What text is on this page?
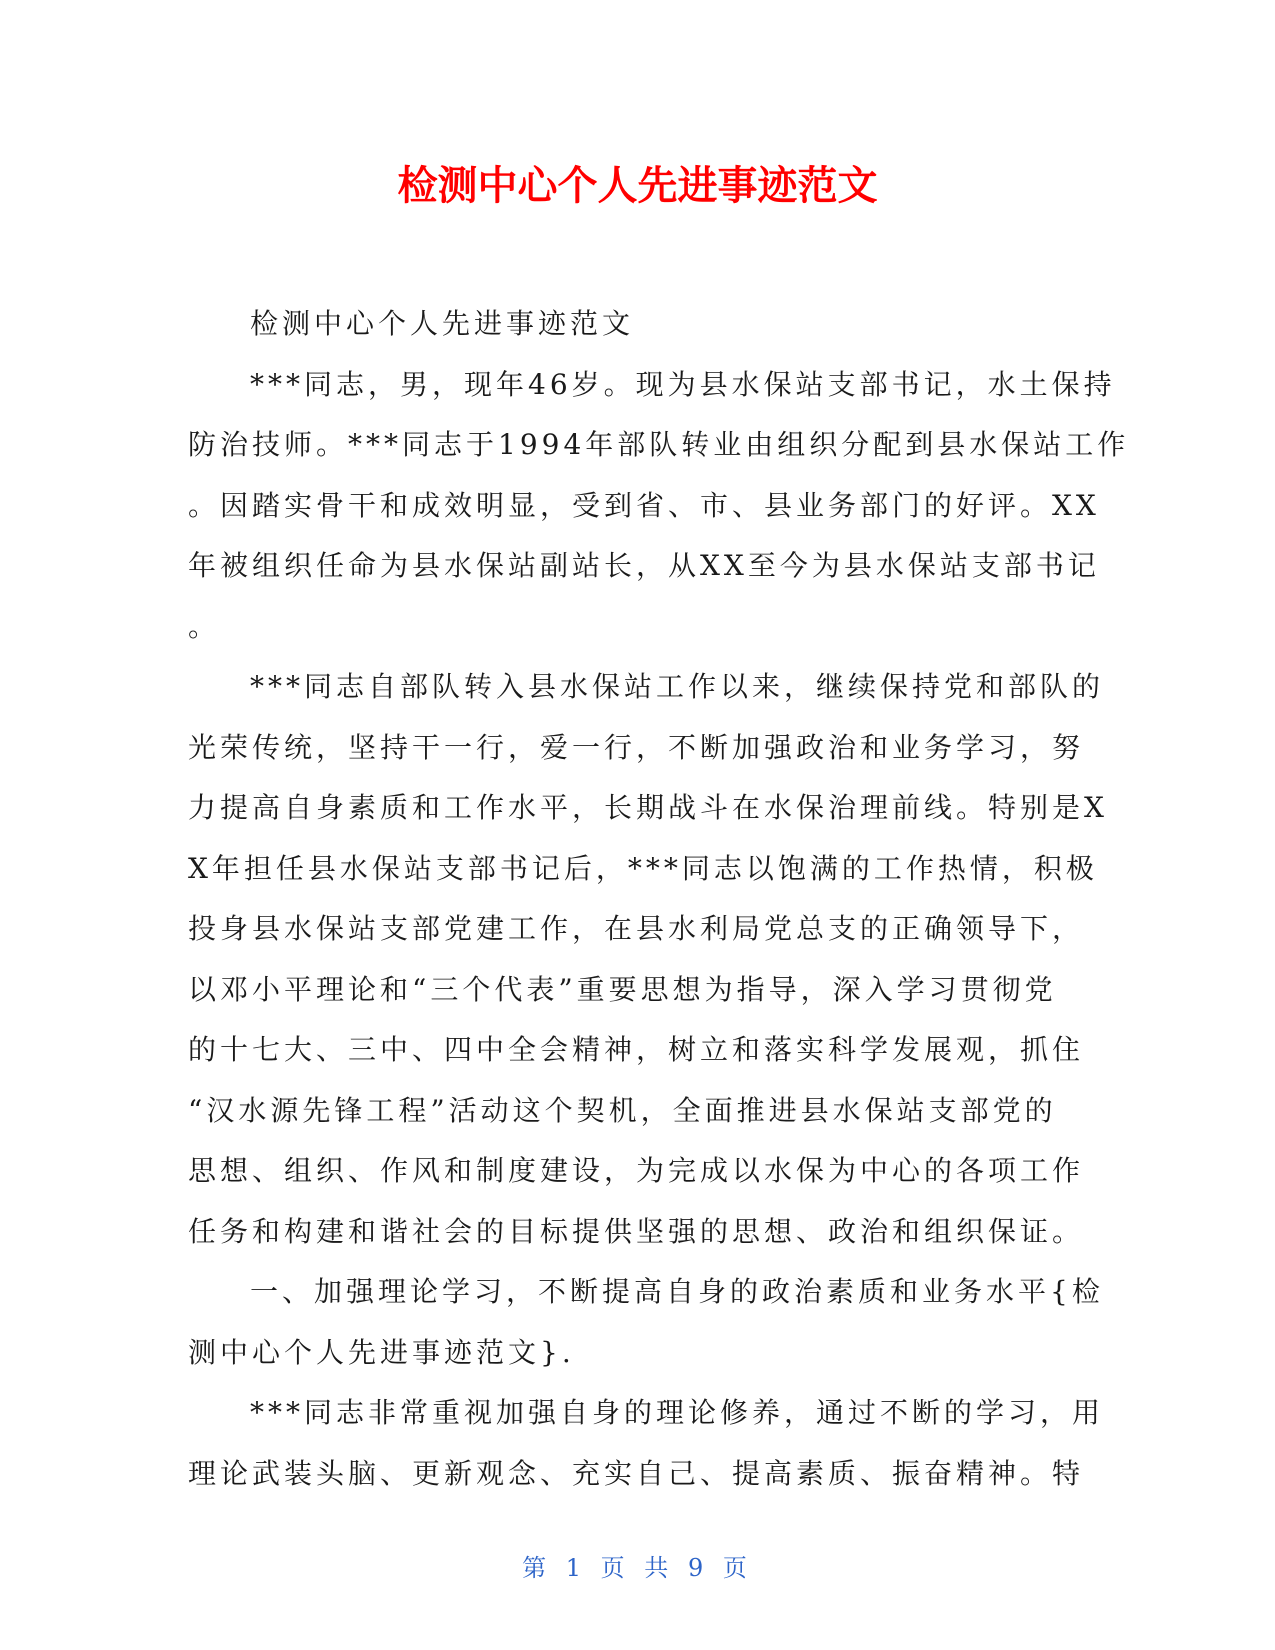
检测中心个人先进事迹范文
检测中心个人先进事迹范文
***同志，男，现年46岁。现为县水保站支部书记，水土保持
防治技师。***同志于1994年部队转业由组织分配到县水保站工作
。因踏实骨干和成效明显，受到省、市、县业务部门的好评。XX
年被组织任命为县水保站副站长，从XX至今为县水保站支部书记
。
***同志自部队转入县水保站工作以来，继续保持党和部队的
光荣传统，坚持干一行，爱一行，不断加强政治和业务学习，努
力提高自身素质和工作水平，长期战斗在水保治理前线。特别是X
X年担任县水保站支部书记后，***同志以饱满的工作热情，积极
投身县水保站支部党建工作，在县水利局党总支的正确领导下，
以邓小平理论和“三个代表”重要思想为指导，深入学习贯彻党
的十七大、三中、四中全会精神，树立和落实科学发展观，抓住
“汉水源先锋工程”活动这个契机，全面推进县水保站支部党的
思想、组织、作风和制度建设，为完成以水保为中心的各项工作
任务和构建和谐社会的目标提供坚强的思想、政治和组织保证。
一、加强理论学习，不断提高自身的政治素质和业务水平{检
测中心个人先进事迹范文}.
***同志非常重视加强自身的理论修养，通过不断的学习，用
理论武装头脑、更新观念、充实自己、提高素质、振奋精神。特
第 1 页 共 9 页
